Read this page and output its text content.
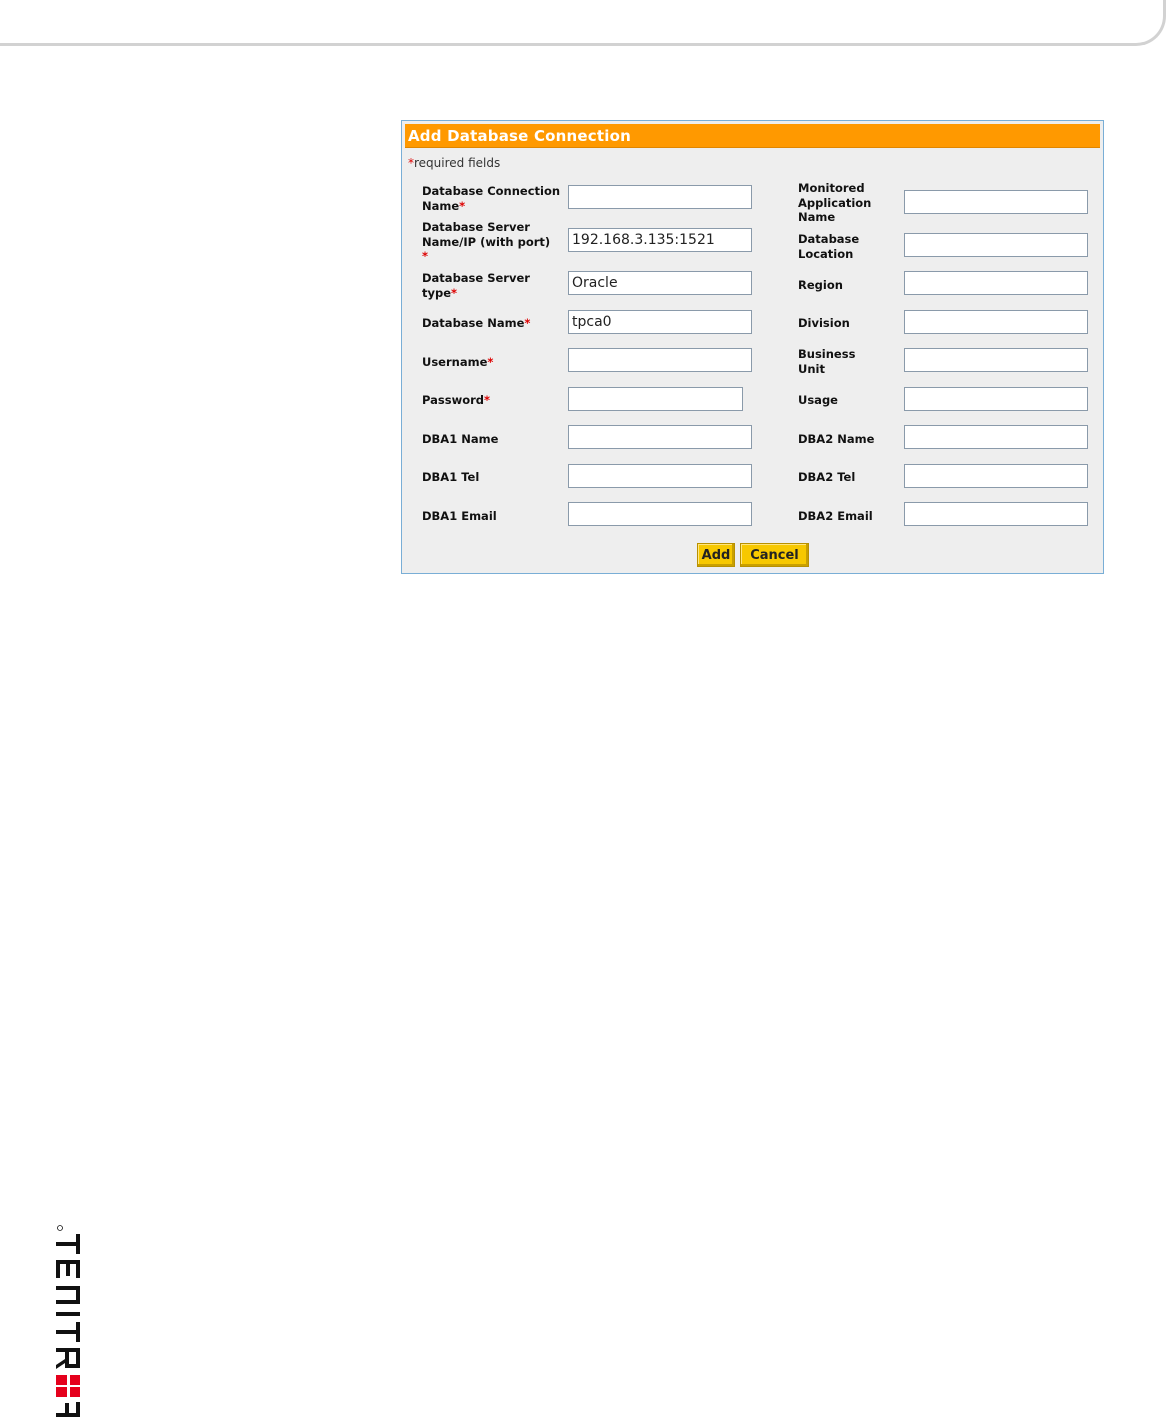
Add Database Connection
*required fields
Database Connection Name*
Database Server Name/IP (with port) *
Database Server type*
Database Name*
Username*
Password*
DBA1 Name
DBA1 Tel
DBA1 Email
192.168.3.135:1521
Oracle
tpca0
Monitored Application Name
Database Location
Region
Division
Business Unit
Usage
DBA2 Name
DBA2 Tel
DBA2 Email
Add	Cancel
